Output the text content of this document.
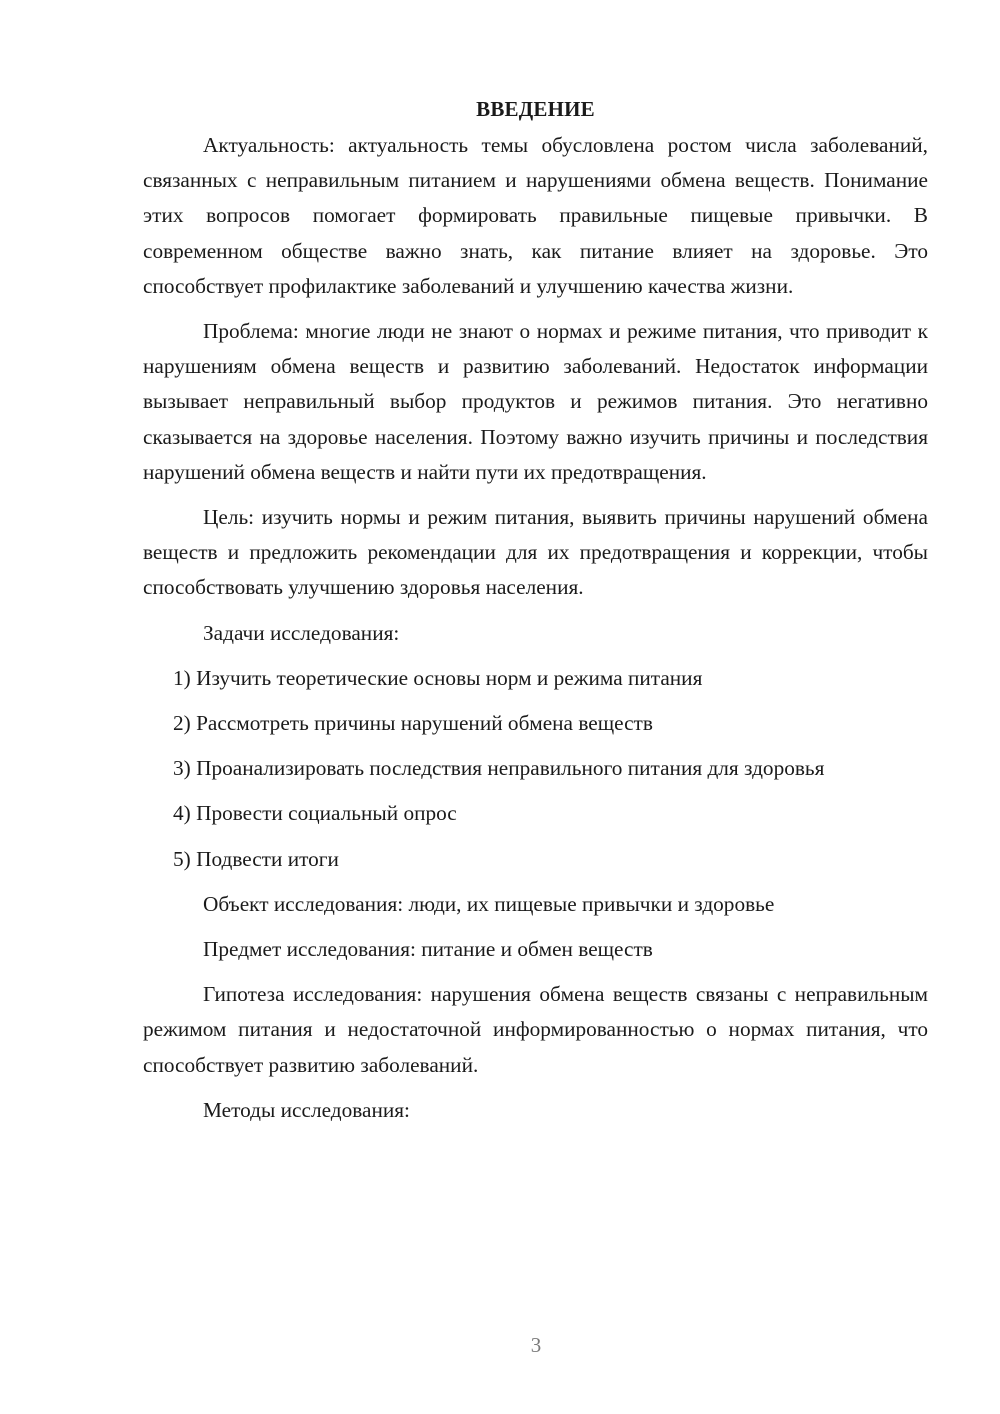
ВВЕДЕНИЕ

Актуальность: актуальность темы обусловлена ростом числа заболеваний, связанных с неправильным питанием и нарушениями обмена веществ. Понимание этих вопросов помогает формировать правильные пищевые привычки. В современном обществе важно знать, как питание влияет на здоровье. Это способствует профилактике заболеваний и улучшению качества жизни.

Проблема: многие люди не знают о нормах и режиме питания, что приводит к нарушениям обмена веществ и развитию заболеваний. Недостаток информации вызывает неправильный выбор продуктов и режимов питания. Это негативно сказывается на здоровье населения. Поэтому важно изучить причины и последствия нарушений обмена веществ и найти пути их предотвращения.

Цель: изучить нормы и режим питания, выявить причины нарушений обмена веществ и предложить рекомендации для их предотвращения и коррекции, чтобы способствовать улучшению здоровья населения.

Задачи исследования:

1) Изучить теоретические основы норм и режима питания

2) Рассмотреть причины нарушений обмена веществ

3) Проанализировать последствия неправильного питания для здоровья

4) Провести социальный опрос

5) Подвести итоги

Объект исследования: люди, их пищевые привычки и здоровье

Предмет исследования: питание и обмен веществ

Гипотеза исследования: нарушения обмена веществ связаны с неправильным режимом питания и недостаточной информированностью о нормах питания, что способствует развитию заболеваний.

Методы исследования:

3
